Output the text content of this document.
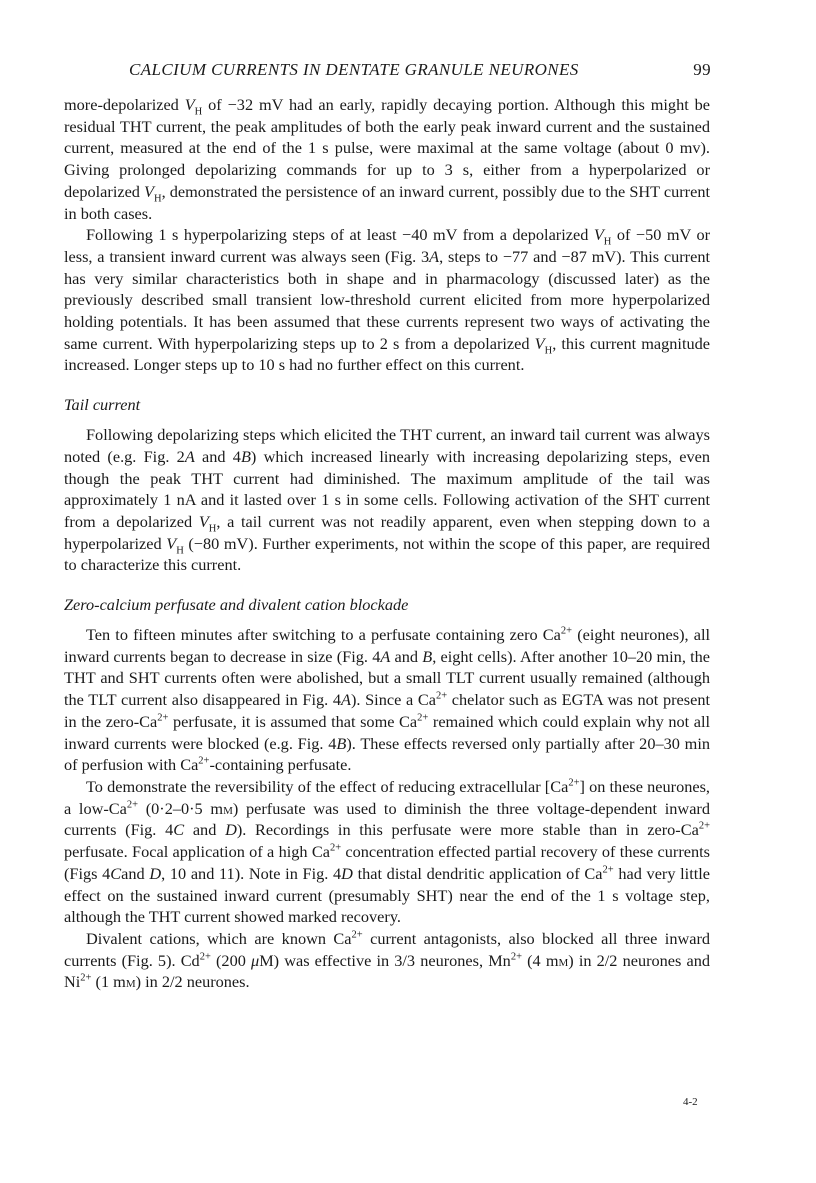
CALCIUM CURRENTS IN DENTATE GRANULE NEURONES	99

more-depolarized $V_H$ of −32 mV had an early, rapidly decaying portion. Although this might be residual THT current, the peak amplitudes of both the early peak inward current and the sustained current, measured at the end of the 1 s pulse, were maximal at the same voltage (about 0 mv). Giving prolonged depolarizing commands for up to 3 s, either from a hyperpolarized or depolarized $V_H$, demonstrated the persistence of an inward current, possibly due to the SHT current in both cases.

Following 1 s hyperpolarizing steps of at least −40 mV from a depolarized $V_H$ of −50 mV or less, a transient inward current was always seen (Fig. 3A, steps to −77 and −87 mV). This current has very similar characteristics both in shape and in pharmacology (discussed later) as the previously described small transient low-threshold current elicited from more hyperpolarized holding potentials. It has been assumed that these currents represent two ways of activating the same current. With hyperpolarizing steps up to 2 s from a depolarized $V_H$, this current magnitude increased. Longer steps up to 10 s had no further effect on this current.

Tail current

Following depolarizing steps which elicited the THT current, an inward tail current was always noted (e.g. Fig. 2A and 4B) which increased linearly with increasing depolarizing steps, even though the peak THT current had diminished. The maximum amplitude of the tail was approximately 1 nA and it lasted over 1 s in some cells. Following activation of the SHT current from a depolarized $V_H$, a tail current was not readily apparent, even when stepping down to a hyperpolarized $V_H$ (−80 mV). Further experiments, not within the scope of this paper, are required to characterize this current.

Zero-calcium perfusate and divalent cation blockade

Ten to fifteen minutes after switching to a perfusate containing zero $Ca^{2+}$ (eight neurones), all inward currents began to decrease in size (Fig. 4A and B, eight cells). After another 10–20 min, the THT and SHT currents often were abolished, but a small TLT current usually remained (although the TLT current also disappeared in Fig. 4A). Since a $Ca^{2+}$ chelator such as EGTA was not present in the zero-$Ca^{2+}$ perfusate, it is assumed that some $Ca^{2+}$ remained which could explain why not all inward currents were blocked (e.g. Fig. 4B). These effects reversed only partially after 20–30 min of perfusion with $Ca^{2+}$-containing perfusate.

To demonstrate the reversibility of the effect of reducing extracellular $[Ca^{2+}]$ on these neurones, a low-$Ca^{2+}$ (0·2–0·5 mm) perfusate was used to diminish the three voltage-dependent inward currents (Fig. 4C and D). Recordings in this perfusate were more stable than in zero-$Ca^{2+}$ perfusate. Focal application of a high $Ca^{2+}$ concentration effected partial recovery of these currents (Figs 4Cand D, 10 and 11). Note in Fig. 4D that distal dendritic application of $Ca^{2+}$ had very little effect on the sustained inward current (presumably SHT) near the end of the 1 s voltage step, although the THT current showed marked recovery.

Divalent cations, which are known $Ca^{2+}$ current antagonists, also blocked all three inward currents (Fig. 5). $Cd^{2+}$ (200 μM) was effective in 3/3 neurones, $Mn^{2+}$ (4 mm) in 2/2 neurones and $Ni^{2+}$ (1 mm) in 2/2 neurones.

4-2
